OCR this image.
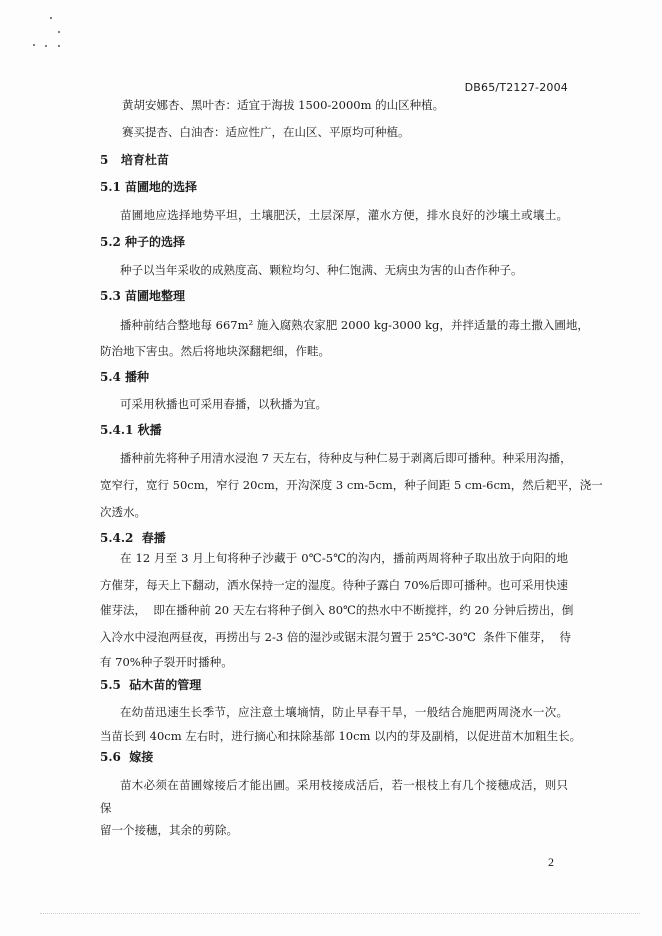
DB65/T2127-2004
黄胡安娜杏、黑叶杏：适宜于海拔 1500-2000m 的山区种植。
赛买提杏、白油杏：适应性广，在山区、平原均可种植。
5   培育杜苗
5.1 苗圃地的选择
苗圃地应选择地势平坦，土壤肥沃，土层深厚，灌水方便，排水良好的沙壤土或壤土。
5.2 种子的选择
种子以当年采收的成熟度高、颗粒均匀、种仁饱满、无病虫为害的山杏作种子。
5.3 苗圃地整理
播种前结合整地每 667m² 施入腐熟农家肥 2000 kg-3000 kg，并拌适量的毒土撒入圃地，
防治地下害虫。然后将地块深翻耙细，作畦。
5.4 播种
可采用秋播也可采用春播，以秋播为宜。
5.4.1 秋播
播种前先将种子用清水浸泡 7 天左右，待种皮与种仁易于剥离后即可播种。种采用沟播，
宽窄行，宽行 50cm，窄行 20cm，开沟深度 3 cm-5cm，种子间距 5 cm-6cm，然后耙平，浇一
次透水。
5.4.2  春播
在 12 月至 3 月上旬将种子沙藏于 0℃-5℃的沟内，播前两周将种子取出放于向阳的地
方催芽，每天上下翻动，洒水保持一定的湿度。待种子露白 70%后即可播种。也可采用快速
催芽法，  即在播种前 20 天左右将种子倒入 80℃的热水中不断搅拌，约 20 分钟后捞出，倒
入冷水中浸泡两昼夜，再捞出与 2-3 倍的湿沙或锯末混匀置于 25℃-30℃  条件下催芽，  待
有 70%种子裂开时播种。
5.5  砧木苗的管理
在幼苗迅速生长季节，应注意土壤墒情，防止早春干旱，一般结合施肥两周浇水一次。
当苗长到 40cm 左右时，进行摘心和抹除基部 10cm 以内的芽及副梢，以促进苗木加粗生长。
5.6  嫁接
苗木必须在苗圃嫁接后才能出圃。采用枝接成活后，若一根枝上有几个接穗成活，则只
保
留一个接穗，其余的剪除。
2
